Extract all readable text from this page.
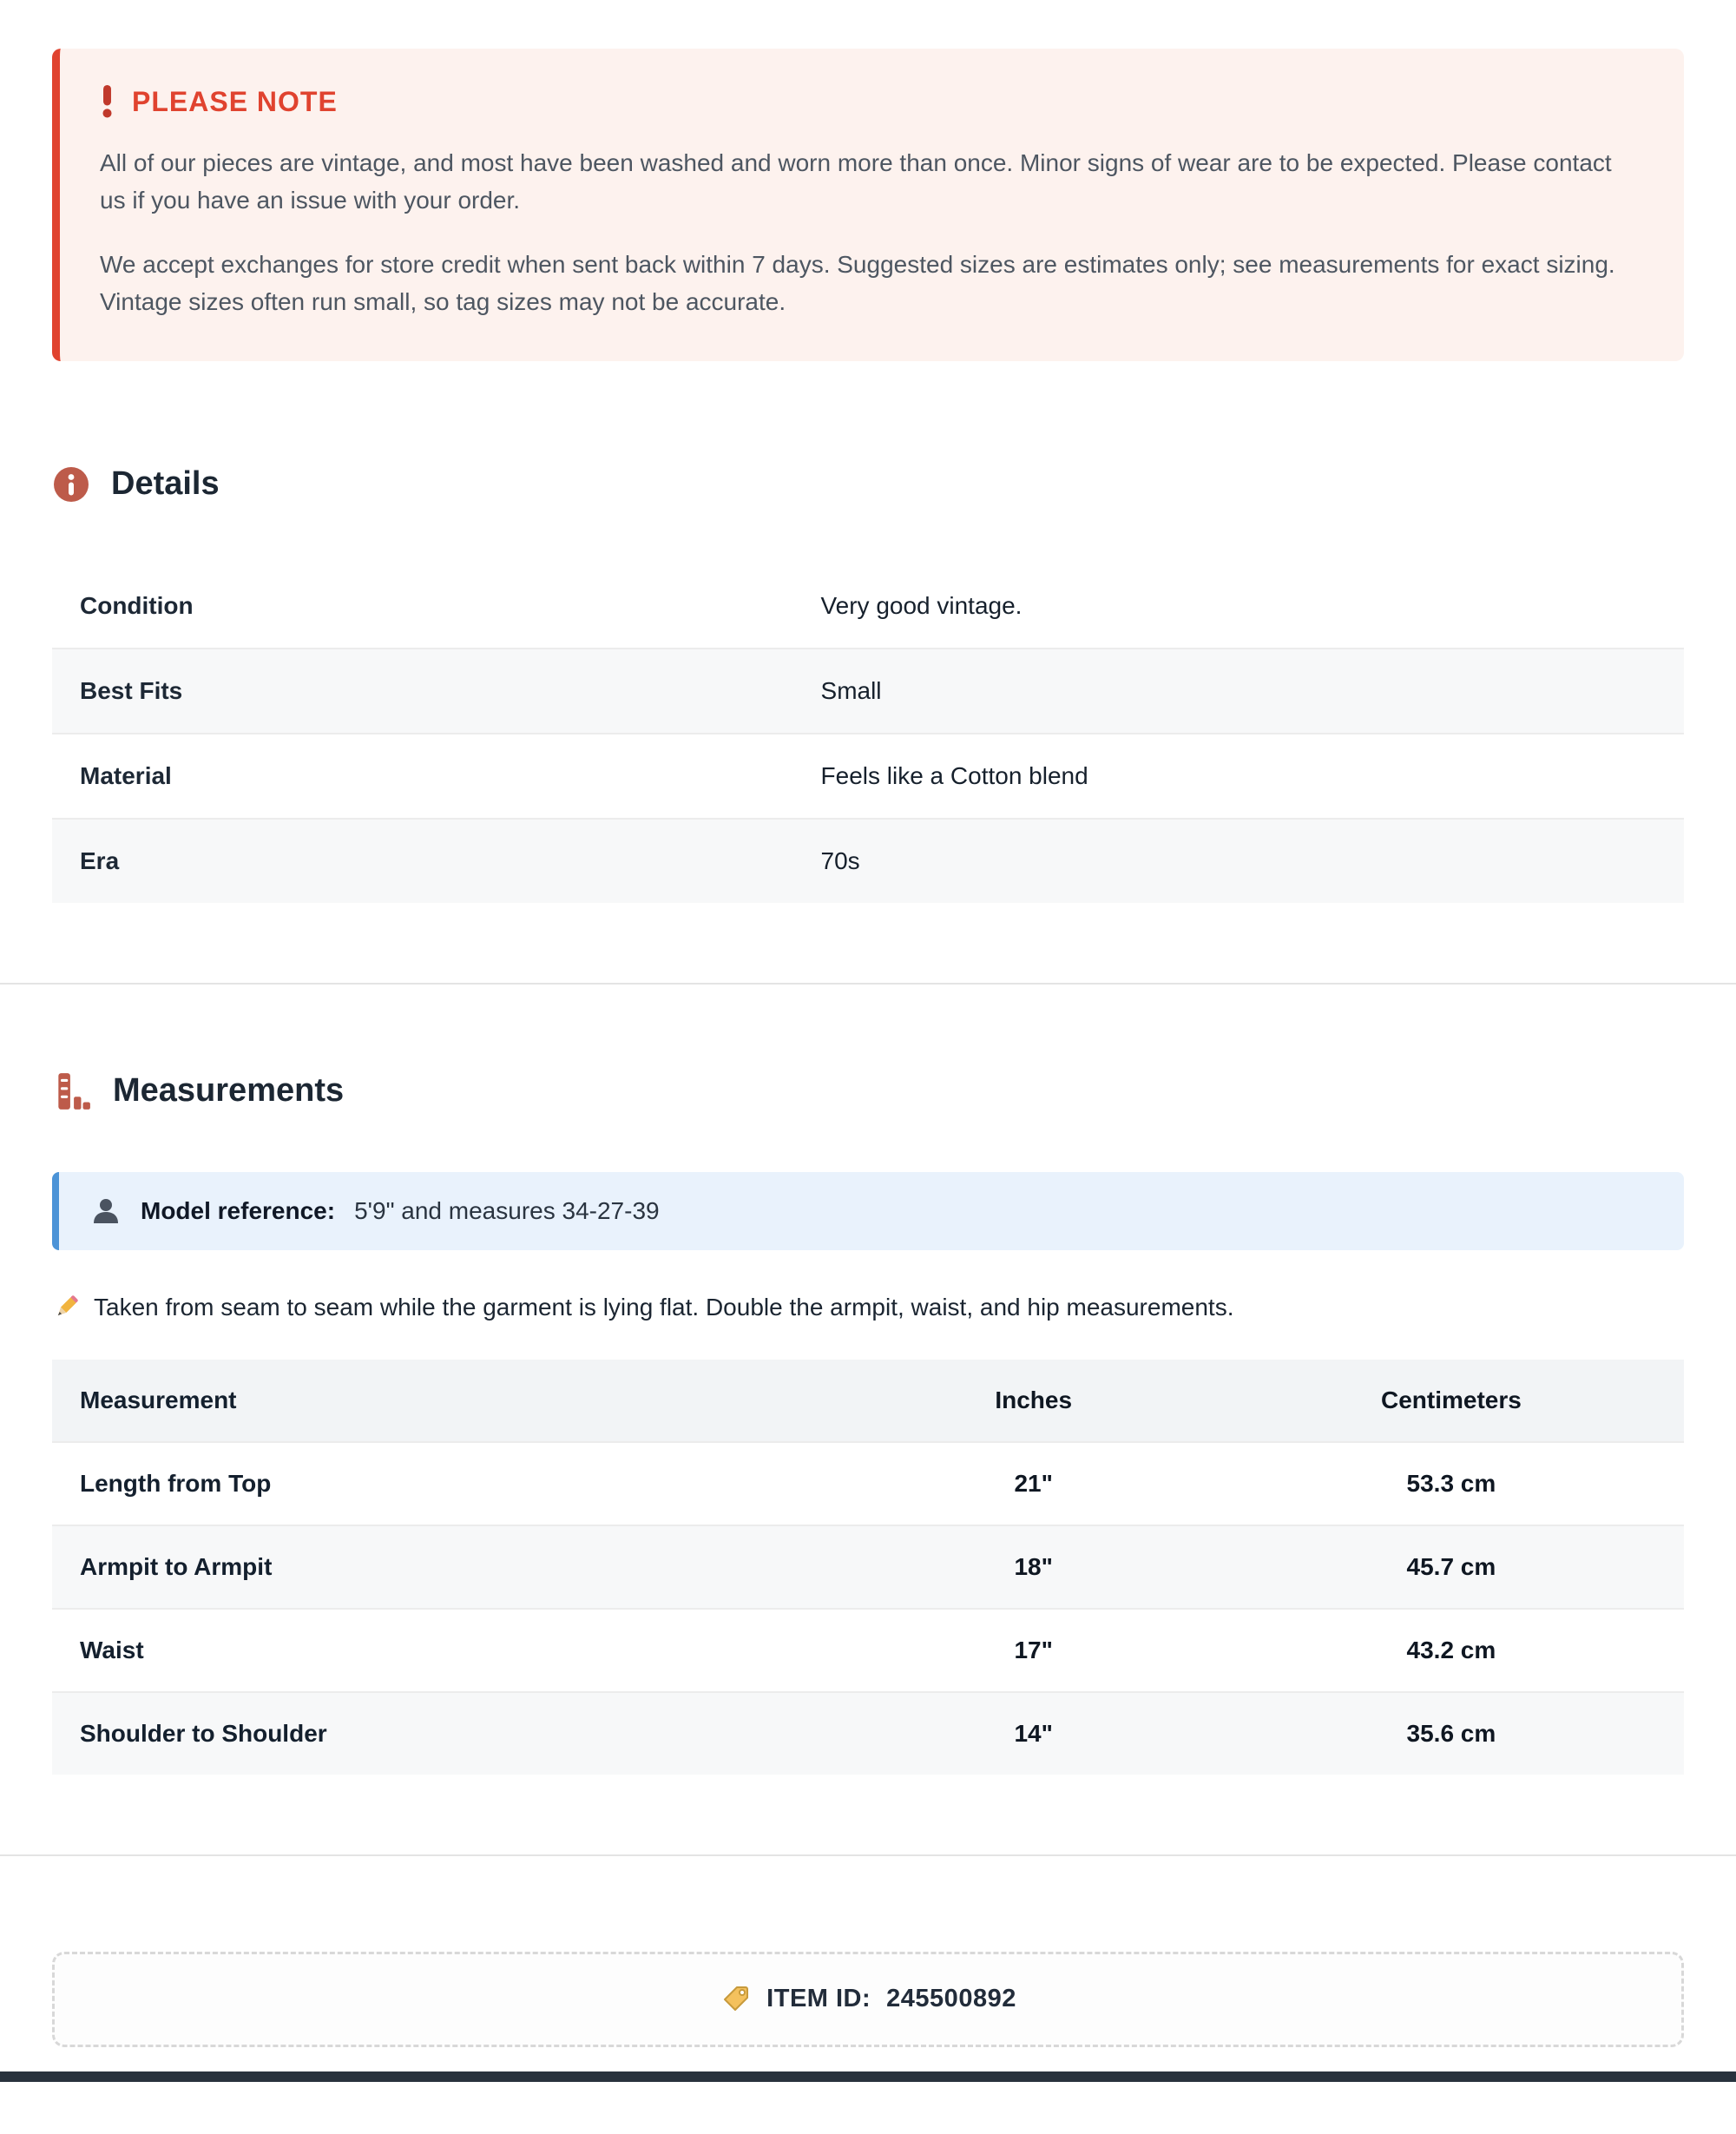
PLEASE NOTE

All of our pieces are vintage, and most have been washed and worn more than once. Minor signs of wear are to be expected. Please contact us if you have an issue with your order.

We accept exchanges for store credit when sent back within 7 days. Suggested sizes are estimates only; see measurements for exact sizing. Vintage sizes often run small, so tag sizes may not be accurate.

Details
Condition	Very good vintage.
Best Fits	Small
Material	Feels like a Cotton blend
Era	70s
Measurements
Model reference: 5'9" and measures 34-27-39
Taken from seam to seam while the garment is lying flat. Double the armpit, waist, and hip measurements.
Measurement	Inches	Centimeters
Length from Top	21"	53.3 cm
Armpit to Armpit	18"	45.7 cm
Waist	17"	43.2 cm
Shoulder to Shoulder	14"	35.6 cm
ITEM ID: 245500892
